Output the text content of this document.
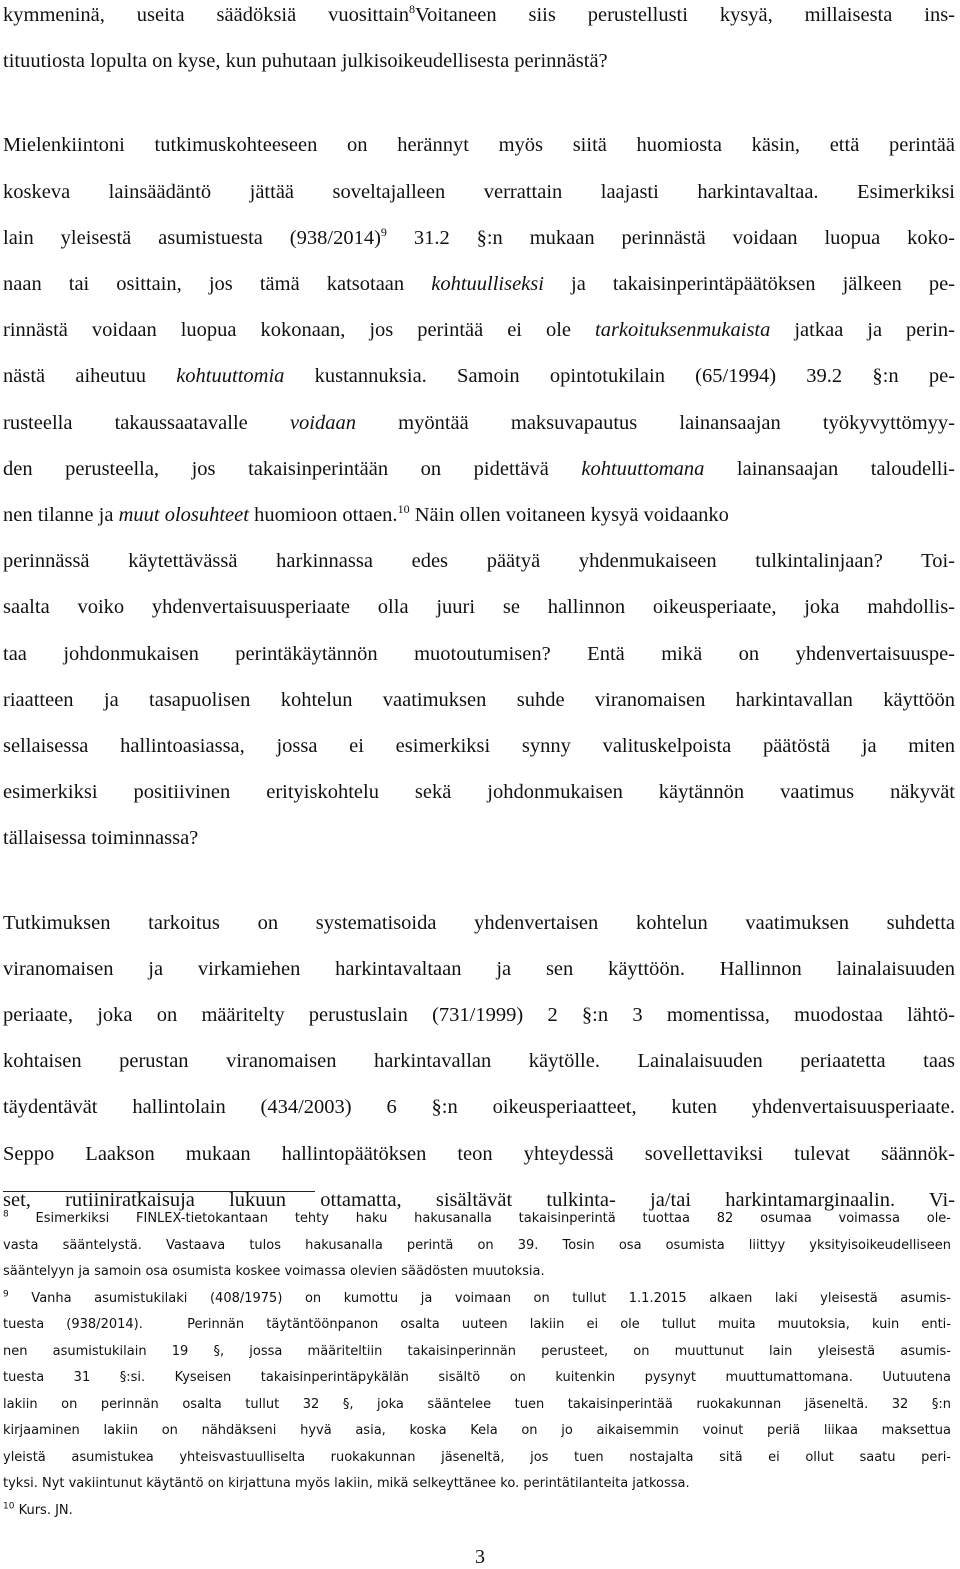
kymmeninä, useita säädöksiä vuosittain$^8$Voitaneen siis perustellusti kysyä, millaisesta ins-

tituutiosta lopulta on kyse, kun puhutaan julkisoikeudellisesta perinnästä?

Mielenkiintoni tutkimuskohteeseen on herännyt myös siitä huomiosta käsin, että perintää

koskeva lainsäädäntö jättää soveltajalleen verrattain laajasti harkintavaltaa. Esimerkiksi

lain yleisestä asumistuesta $(938/2014)^9$ 31.2 §:n mukaan perinnästä voidaan luopua koko-

naan tai osittain, jos tämä katsotaan kohtuulliseksi ja takaisinperintäpäätöksen jälkeen pe-

rinnästä voidaan luopua kokonaan, jos perintää ei ole tarkoituksenmukaista jatkaa ja perin-

nästä aiheutuu kohtuuttomia kustannuksia. Samoin opintotukilain (65/1994) 39.2 §:n pe-

rusteella takaussaatavalle voidaan myöntää maksuvapautus lainansaajan työkyvyttömyy-

den perusteella, jos takaisinperintään on pidettävä kohtuuttomana lainansaajan taloudelli-

nen tilanne ja muut olosuhteet huomioon ottaen.$^{10}$ Näin ollen voitaneen kysyä voidaanko

perinnässä käytettävässä harkinnassa edes päätyä yhdenmukaiseen tulkintalinjaan? Toi-

saalta voiko yhdenvertaisuusperiaate olla juuri se hallinnon oikeusperiaate, joka mahdollis-

taa johdonmukaisen perintäkäytännön muotoutumisen? Entä mikä on yhdenvertaisuuspe-

riaatteen ja tasapuolisen kohtelun vaatimuksen suhde viranomaisen harkintavallan käyttöön

sellaisessa hallintoasiassa, jossa ei esimerkiksi synny valituskelpoista päätöstä ja miten

esimerkiksi positiivinen erityiskohtelu sekä johdonmukaisen käytännön vaatimus näkyvät

tällaisessa toiminnassa?

Tutkimuksen tarkoitus on systematisoida yhdenvertaisen kohtelun vaatimuksen suhdetta

viranomaisen ja virkamiehen harkintavaltaan ja sen käyttöön. Hallinnon lainalaisuuden

periaate, joka on määritelty perustuslain (731/1999) 2 §:n 3 momentissa, muodostaa lähtö-

kohtaisen perustan viranomaisen harkintavallan käytölle. Lainalaisuuden periaatetta taas

täydentävät hallintolain (434/2003) 6 §:n oikeusperiaatteet, kuten yhdenvertaisuusperiaate.

Seppo Laakson mukaan hallintopäätöksen teon yhteydessä sovellettaviksi tulevat säännök-

set, rutiiniratkaisuja lukuun ottamatta, sisältävät tulkinta- ja/tai harkintamarginaalin. Vi-

$^8$ Esimerkiksi FINLEX-tietokantaan tehty haku hakusanalla takaisinperintä tuottaa 82 osumaa voimassa ole-

vasta sääntelystä. Vastaava tulos hakusanalla perintä on 39. Tosin osa osumista liittyy yksityisoikeudelliseen

sääntelyyn ja samoin osa osumista koskee voimassa olevien säädösten muutoksia.

$^9$ Vanha asumistukilaki (408/1975) on kumottu ja voimaan on tullut 1.1.2015 alkaen laki yleisestä asumis-

tuesta (938/2014).  Perinnän täytäntöönpanon osalta uuteen lakiin ei ole tullut muita muutoksia, kuin enti-

nen asumistukilain 19 §, jossa määriteltiin takaisinperinnän perusteet, on muuttunut lain yleisestä asumis-

tuesta 31 §:si. Kyseisen takaisinperintäpykälän sisältö on kuitenkin pysynyt muuttumattomana. Uutuutena

lakiin on perinnän osalta tullut 32 §, joka sääntelee tuen takaisinperintää ruokakunnan jäseneltä. 32 §:n

kirjaaminen lakiin on nähdäkseni hyvä asia, koska Kela on jo aikaisemmin voinut periä liikaa maksettua

yleistä asumistukea yhteisvastuulliselta ruokakunnan jäseneltä, jos tuen nostajalta sitä ei ollut saatu peri-

tyksi. Nyt vakiintunut käytäntö on kirjattuna myös lakiin, mikä selkeyttänee ko. perintätilanteita jatkossa.

$^{10}$ Kurs. JN.

3
